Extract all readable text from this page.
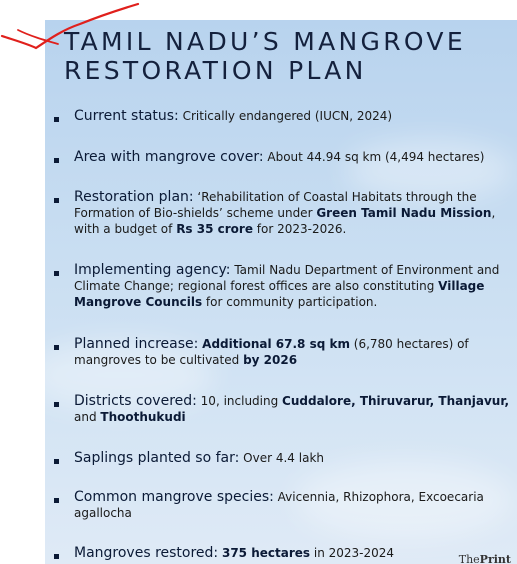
TAMIL NADU’S MANGROVE
RESTORATION PLAN
Current status: Critically endangered (IUCN, 2024)
Area with mangrove cover: About 44.94 sq km (4,494 hectares)
Restoration plan: ‘Rehabilitation of Coastal Habitats through the Formation of Bio-shields’ scheme under Green Tamil Nadu Mission, with a budget of Rs 35 crore for 2023-2026.
Implementing agency: Tamil Nadu Department of Environment and Climate Change; regional forest offices are also constituting Village Mangrove Councils for community participation.
Planned increase: Additional 67.8 sq km (6,780 hectares) of mangroves to be cultivated by 2026
Districts covered: 10, including Cuddalore, Thiruvarur, Thanjavur, and Thoothukudi
Saplings planted so far: Over 4.4 lakh
Common mangrove species: Avicennia, Rhizophora, Excoecaria agallocha
Mangroves restored: 375 hectares in 2023-2024	ThePrint
